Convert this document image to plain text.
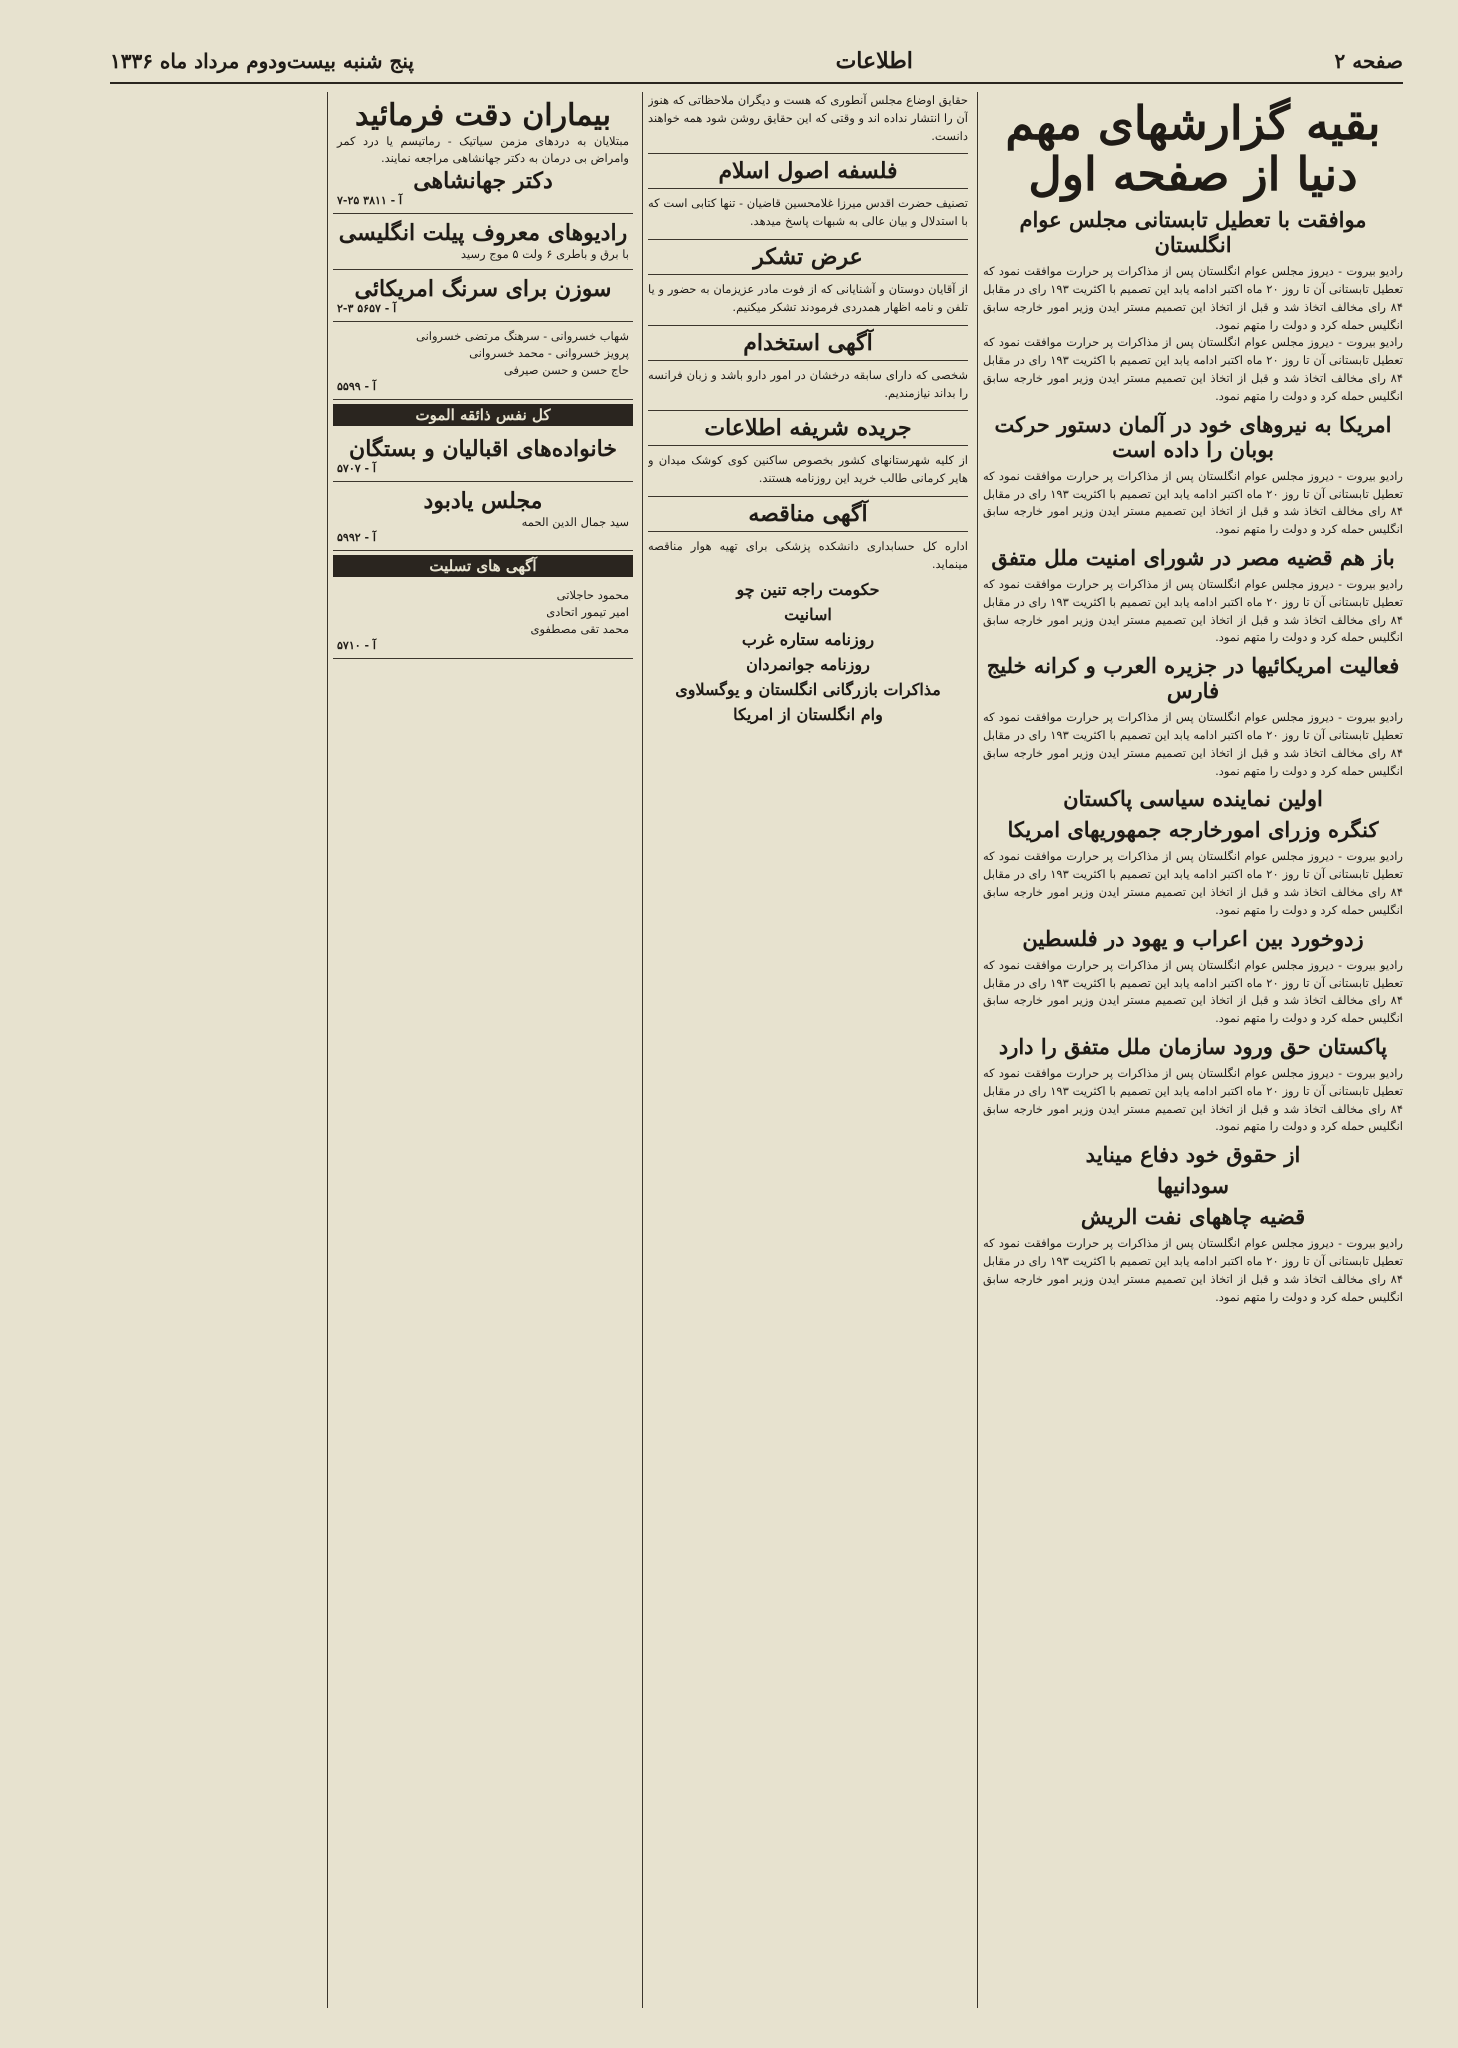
صفحه ۲
اطلاعات
پنج شنبه بیست‌ودوم مرداد ماه ۱۳۳۶
بقیه گزارشهای مهم دنیا از صفحه اول
موافقت با تعطیل تابستانی مجلس عوام انگلستان
رادیو بیروت - دیروز مجلس عوام انگلستان پس از مذاکرات پر حرارت موافقت نمود که تعطیل تابستانی آن تا روز ۲۰ ماه اکتبر ادامه یابد این تصمیم با اکثریت ۱۹۳ رای در مقابل ۸۴ رای مخالف اتخاذ شد و قبل از اتخاذ این تصمیم مستر ایدن وزیر امور خارجه سابق انگلیس حمله کرد و دولت را متهم نمود.
رادیو بیروت - دیروز مجلس عوام انگلستان پس از مذاکرات پر حرارت موافقت نمود که تعطیل تابستانی آن تا روز ۲۰ ماه اکتبر ادامه یابد این تصمیم با اکثریت ۱۹۳ رای در مقابل ۸۴ رای مخالف اتخاذ شد و قبل از اتخاذ این تصمیم مستر ایدن وزیر امور خارجه سابق انگلیس حمله کرد و دولت را متهم نمود.
امریکا به نیروهای خود در آلمان دستور حرکت بوبان را داده است
رادیو بیروت - دیروز مجلس عوام انگلستان پس از مذاکرات پر حرارت موافقت نمود که تعطیل تابستانی آن تا روز ۲۰ ماه اکتبر ادامه یابد این تصمیم با اکثریت ۱۹۳ رای در مقابل ۸۴ رای مخالف اتخاذ شد و قبل از اتخاذ این تصمیم مستر ایدن وزیر امور خارجه سابق انگلیس حمله کرد و دولت را متهم نمود.
باز هم قضیه مصر در شورای امنیت ملل متفق
رادیو بیروت - دیروز مجلس عوام انگلستان پس از مذاکرات پر حرارت موافقت نمود که تعطیل تابستانی آن تا روز ۲۰ ماه اکتبر ادامه یابد این تصمیم با اکثریت ۱۹۳ رای در مقابل ۸۴ رای مخالف اتخاذ شد و قبل از اتخاذ این تصمیم مستر ایدن وزیر امور خارجه سابق انگلیس حمله کرد و دولت را متهم نمود.
فعالیت امریکائیها در جزیره العرب و کرانه خلیج فارس
رادیو بیروت - دیروز مجلس عوام انگلستان پس از مذاکرات پر حرارت موافقت نمود که تعطیل تابستانی آن تا روز ۲۰ ماه اکتبر ادامه یابد این تصمیم با اکثریت ۱۹۳ رای در مقابل ۸۴ رای مخالف اتخاذ شد و قبل از اتخاذ این تصمیم مستر ایدن وزیر امور خارجه سابق انگلیس حمله کرد و دولت را متهم نمود.
اولین نماینده سیاسی پاکستان
کنگره وزرای امورخارجه جمهوریهای امریکا
رادیو بیروت - دیروز مجلس عوام انگلستان پس از مذاکرات پر حرارت موافقت نمود که تعطیل تابستانی آن تا روز ۲۰ ماه اکتبر ادامه یابد این تصمیم با اکثریت ۱۹۳ رای در مقابل ۸۴ رای مخالف اتخاذ شد و قبل از اتخاذ این تصمیم مستر ایدن وزیر امور خارجه سابق انگلیس حمله کرد و دولت را متهم نمود.
زدوخورد بین اعراب و یهود در فلسطین
رادیو بیروت - دیروز مجلس عوام انگلستان پس از مذاکرات پر حرارت موافقت نمود که تعطیل تابستانی آن تا روز ۲۰ ماه اکتبر ادامه یابد این تصمیم با اکثریت ۱۹۳ رای در مقابل ۸۴ رای مخالف اتخاذ شد و قبل از اتخاذ این تصمیم مستر ایدن وزیر امور خارجه سابق انگلیس حمله کرد و دولت را متهم نمود.
پاکستان حق ورود سازمان ملل متفق را دارد
رادیو بیروت - دیروز مجلس عوام انگلستان پس از مذاکرات پر حرارت موافقت نمود که تعطیل تابستانی آن تا روز ۲۰ ماه اکتبر ادامه یابد این تصمیم با اکثریت ۱۹۳ رای در مقابل ۸۴ رای مخالف اتخاذ شد و قبل از اتخاذ این تصمیم مستر ایدن وزیر امور خارجه سابق انگلیس حمله کرد و دولت را متهم نمود.
از حقوق خود دفاع میناید
سودانیها
قضیه چاههای نفت الریش
رادیو بیروت - دیروز مجلس عوام انگلستان پس از مذاکرات پر حرارت موافقت نمود که تعطیل تابستانی آن تا روز ۲۰ ماه اکتبر ادامه یابد این تصمیم با اکثریت ۱۹۳ رای در مقابل ۸۴ رای مخالف اتخاذ شد و قبل از اتخاذ این تصمیم مستر ایدن وزیر امور خارجه سابق انگلیس حمله کرد و دولت را متهم نمود.
حقایق اوضاع مجلس آنطوری که هست و دیگران ملاحظاتی که هنوز آن را انتشار نداده اند و وقتی که این حقایق روشن شود همه خواهند دانست.
فلسفه اصول اسلام
تصنیف حضرت اقدس میرزا غلامحسین قاضیان - تنها کتابی است که با استدلال و بیان عالی به شبهات پاسخ میدهد.
عرض تشکر
از آقایان دوستان و آشنایانی که از فوت مادر عزیزمان به حضور و یا تلفن و نامه اظهار همدردی فرمودند تشکر میکنیم.
آگهی استخدام
شخصی که دارای سابقه درخشان در امور دارو باشد و زبان فرانسه را بداند نیازمندیم.
جریده شریفه اطلاعات
از کلیه شهرستانهای کشور بخصوص ساکنین کوی کوشک میدان و هایر کرمانی طالب خرید این روزنامه هستند.
آگهی مناقصه
اداره کل حسابداری دانشکده پزشکی برای تهیه هوار مناقصه مینماید.
حکومت راجه تنین چو
اسانیت
روزنامه ستاره غرب
روزنامه جوانمردان
مذاکرات بازرگانی انگلستان و یوگسلاوی
وام انگلستان از امریکا
بیماران دقت فرمائید
مبتلایان به دردهای مزمن سیاتیک - رماتیسم یا درد کمر وامراض بی درمان به دکتر جهانشاهی مراجعه نمایند.
دکتر جهانشاهی
آ - ۳۸۱۱ ۲۵-۷
رادیوهای معروف پیلت انگلیسی
با برق و باطری ۶ ولت ۵ موج رسید
سوزن برای سرنگ امریکائی
آ - ۵۶۵۷ ۳-۲
شهاب خسروانی - سرهنگ مرتضی خسروانی
پرویز خسروانی - محمد خسروانی
حاج حسن و حسن صیرفی
آ - ۵۵۹۹
کل نفس ذائقه الموت
خانواده‌های اقبالیان و بستگان
آ - ۵۷۰۷
مجلس یادبود
سید جمال الدین الحمه
آ - ۵۹۹۲
آگهی های تسلیت
محمود حاجلاتی
امیر تیمور اتحادی
محمد تقی مصطفوی
آ - ۵۷۱۰
